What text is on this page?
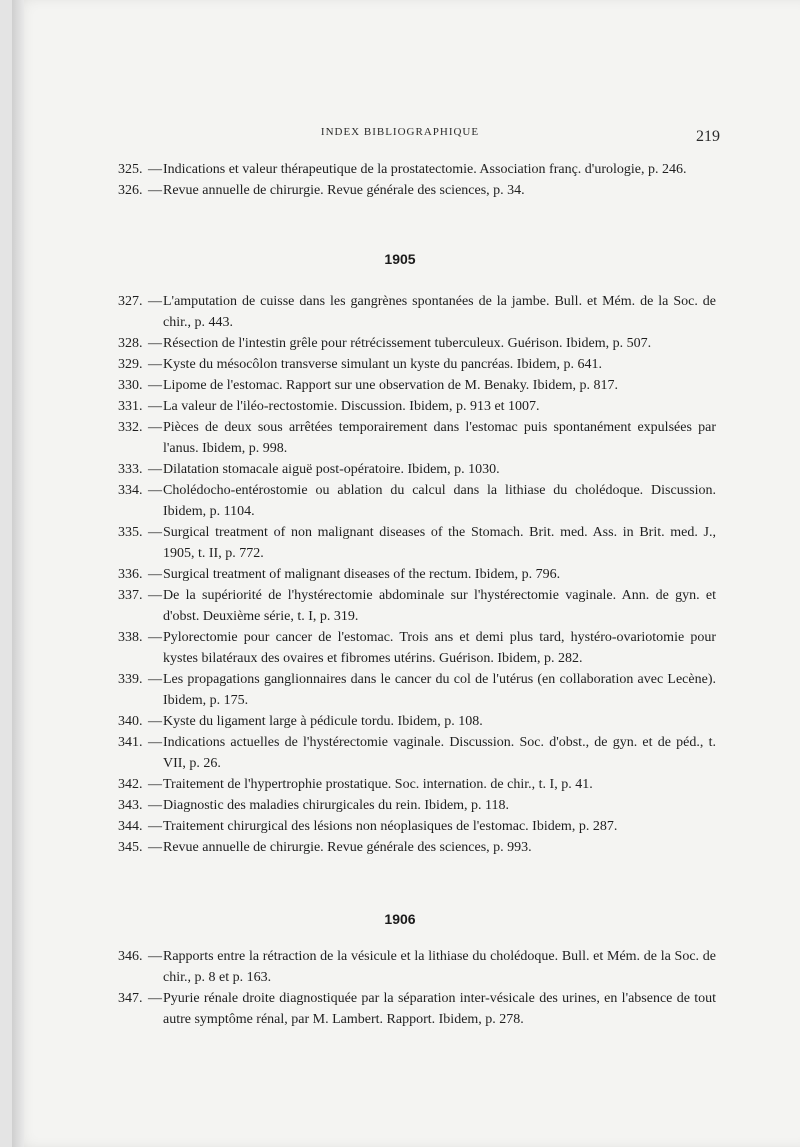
INDEX BIBLIOGRAPHIQUE	219
325. —Indications et valeur thérapeutique de la prostatectomie. Association franç. d'urologie, p. 246.
326. —Revue annuelle de chirurgie. Revue générale des sciences, p. 34.
1905
327. —L'amputation de cuisse dans les gangrènes spontanées de la jambe. Bull. et Mém. de la Soc. de chir., p. 443.
328. —Résection de l'intestin grêle pour rétrécissement tuberculeux. Guérison. Ibidem, p. 507.
329. —Kyste du mésocôlon transverse simulant un kyste du pancréas. Ibidem, p. 641.
330. —Lipome de l'estomac. Rapport sur une observation de M. Benaky. Ibidem, p. 817.
331. —La valeur de l'iléo-rectostomie. Discussion. Ibidem, p. 913 et 1007.
332. —Pièces de deux sous arrêtées temporairement dans l'estomac puis spontanément expulsées par l'anus. Ibidem, p. 998.
333. —Dilatation stomacale aiguë post-opératoire. Ibidem, p. 1030.
334. —Cholédocho-entérostomie ou ablation du calcul dans la lithiase du cholédoque. Discussion. Ibidem, p. 1104.
335. —Surgical treatment of non malignant diseases of the Stomach. Brit. med. Ass. in Brit. med. J., 1905, t. II, p. 772.
336. —Surgical treatment of malignant diseases of the rectum. Ibidem, p. 796.
337. —De la supériorité de l'hystérectomie abdominale sur l'hystérectomie vaginale. Ann. de gyn. et d'obst. Deuxième série, t. I, p. 319.
338. —Pylorectomie pour cancer de l'estomac. Trois ans et demi plus tard, hystéro-ovariotomie pour kystes bilatéraux des ovaires et fibromes utérins. Guérison. Ibidem, p. 282.
339. —Les propagations ganglionnaires dans le cancer du col de l'utérus (en collaboration avec Lecène). Ibidem, p. 175.
340. —Kyste du ligament large à pédicule tordu. Ibidem, p. 108.
341. —Indications actuelles de l'hystérectomie vaginale. Discussion. Soc. d'obst., de gyn. et de péd., t. VII, p. 26.
342. —Traitement de l'hypertrophie prostatique. Soc. internation. de chir., t. I, p. 41.
343. —Diagnostic des maladies chirurgicales du rein. Ibidem, p. 118.
344. —Traitement chirurgical des lésions non néoplasiques de l'estomac. Ibidem, p. 287.
345. —Revue annuelle de chirurgie. Revue générale des sciences, p. 993.
1906
346. —Rapports entre la rétraction de la vésicule et la lithiase du cholédoque. Bull. et Mém. de la Soc. de chir., p. 8 et p. 163.
347. —Pyurie rénale droite diagnostiquée par la séparation inter-vésicale des urines, en l'absence de tout autre symptôme rénal, par M. Lambert. Rapport. Ibidem, p. 278.
